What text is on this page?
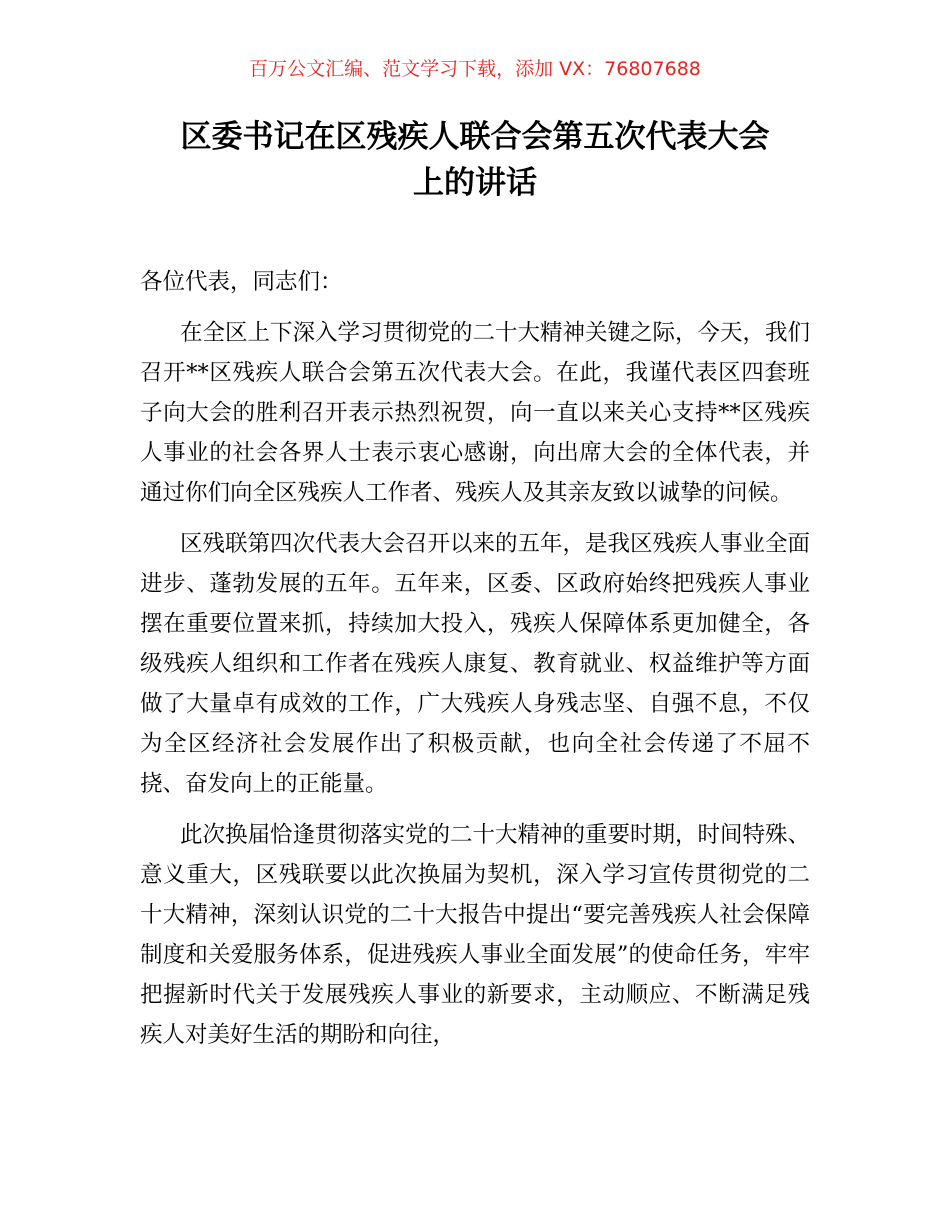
百万公文汇编、范文学习下载，添加 VX：76807688
区委书记在区残疾人联合会第五次代表大会
上的讲话

各位代表，同志们：

在全区上下深入学习贯彻党的二十大精神关键之际，今天，我们召开**区残疾人联合会第五次代表大会。在此，我谨代表区四套班子向大会的胜利召开表示热烈祝贺，向一直以来关心支持**区残疾人事业的社会各界人士表示衷心感谢，向出席大会的全体代表，并通过你们向全区残疾人工作者、残疾人及其亲友致以诚挚的问候。

区残联第四次代表大会召开以来的五年，是我区残疾人事业全面进步、蓬勃发展的五年。五年来，区委、区政府始终把残疾人事业摆在重要位置来抓，持续加大投入，残疾人保障体系更加健全，各级残疾人组织和工作者在残疾人康复、教育就业、权益维护等方面做了大量卓有成效的工作，广大残疾人身残志坚、自强不息，不仅为全区经济社会发展作出了积极贡献，也向全社会传递了不屈不挠、奋发向上的正能量。

此次换届恰逢贯彻落实党的二十大精神的重要时期，时间特殊、意义重大，区残联要以此次换届为契机，深入学习宣传贯彻党的二十大精神，深刻认识党的二十大报告中提出“要完善残疾人社会保障制度和关爱服务体系，促进残疾人事业全面发展”的使命任务，牢牢把握新时代关于发展残疾人事业的新要求，主动顺应、不断满足残疾人对美好生活的期盼和向往，
